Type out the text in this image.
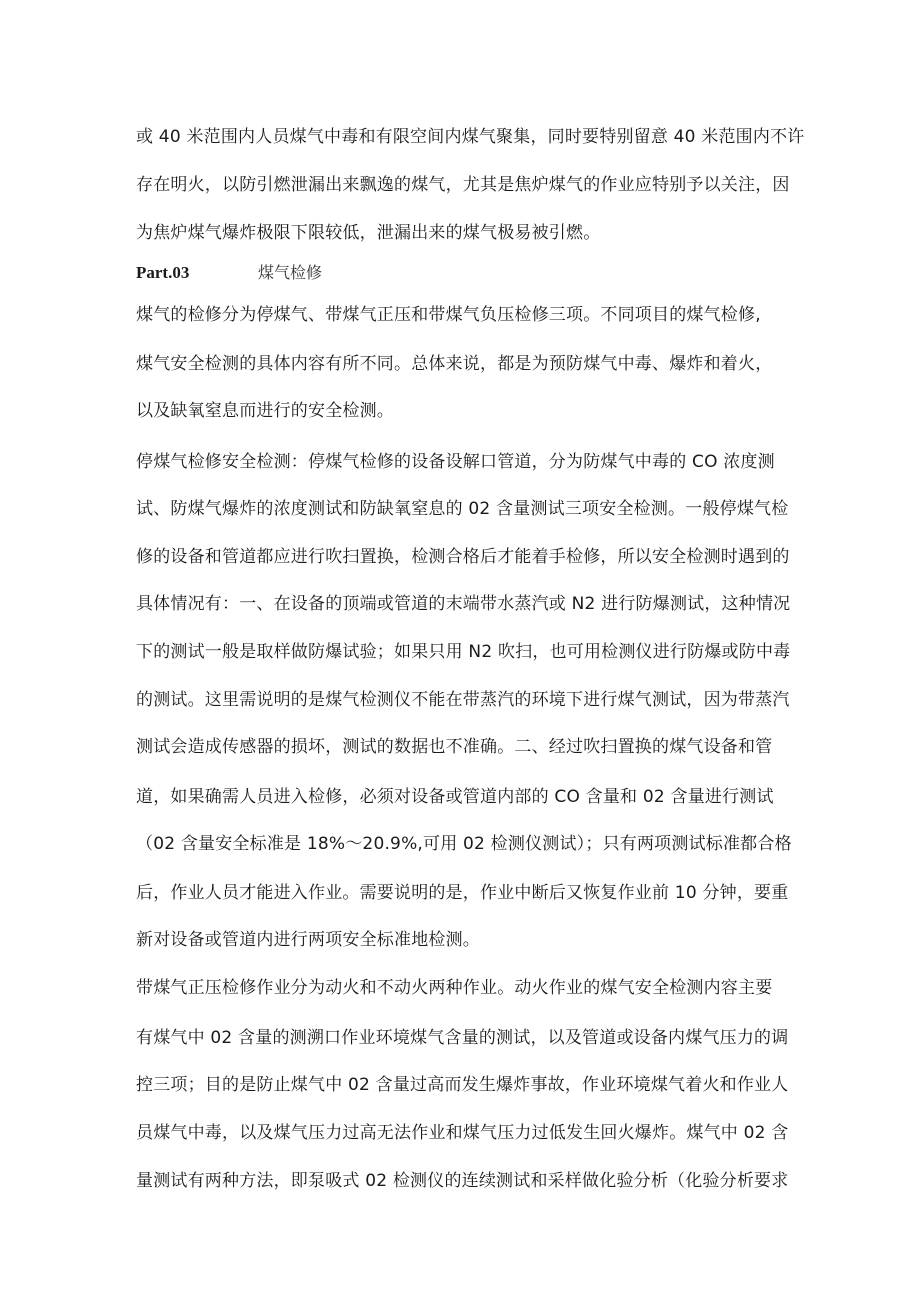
或 40 米范围内人员煤气中毒和有限空间内煤气聚集，同时要特别留意 40 米范围内不许
存在明火，以防引燃泄漏出来飘逸的煤气，尤其是焦炉煤气的作业应特别予以关注，因
为焦炉煤气爆炸极限下限较低，泄漏出来的煤气极易被引燃。
Part.03	煤气检修
煤气的检修分为停煤气、带煤气正压和带煤气负压检修三项。不同项目的煤气检修,
煤气安全检测的具体内容有所不同。总体来说，都是为预防煤气中毒、爆炸和着火，
以及缺氧窒息而进行的安全检测。
停煤气检修安全检测：停煤气检修的设备设解口管道，分为防煤气中毒的 CO 浓度测
试、防煤气爆炸的浓度测试和防缺氧窒息的 02 含量测试三项安全检测。一般停煤气检
修的设备和管道都应进行吹扫置换，检测合格后才能着手检修，所以安全检测时遇到的
具体情况有：一、在设备的顶端或管道的末端带水蒸汽或 N2 进行防爆测试，这种情况
下的测试一般是取样做防爆试验；如果只用 N2 吹扫，也可用检测仪进行防爆或防中毒
的测试。这里需说明的是煤气检测仪不能在带蒸汽的环境下进行煤气测试，因为带蒸汽
测试会造成传感器的损坏，测试的数据也不准确。二、经过吹扫置换的煤气设备和管
道，如果确需人员进入检修，必须对设备或管道内部的 CO 含量和 02 含量进行测试
（02 含量安全标准是 18%～20.9%,可用 02 检测仪测试）；只有两项测试标准都合格
后，作业人员才能进入作业。需要说明的是，作业中断后又恢复作业前 10 分钟，要重
新对设备或管道内进行两项安全标准地检测。
带煤气正压检修作业分为动火和不动火两种作业。动火作业的煤气安全检测内容主要
有煤气中 02 含量的测溯口作业环境煤气含量的测试，以及管道或设备内煤气压力的调
控三项；目的是防止煤气中 02 含量过高而发生爆炸事故，作业环境煤气着火和作业人
员煤气中毒，以及煤气压力过高无法作业和煤气压力过低发生回火爆炸。煤气中 02 含
量测试有两种方法，即泵吸式 02 检测仪的连续测试和采样做化验分析（化验分析要求
